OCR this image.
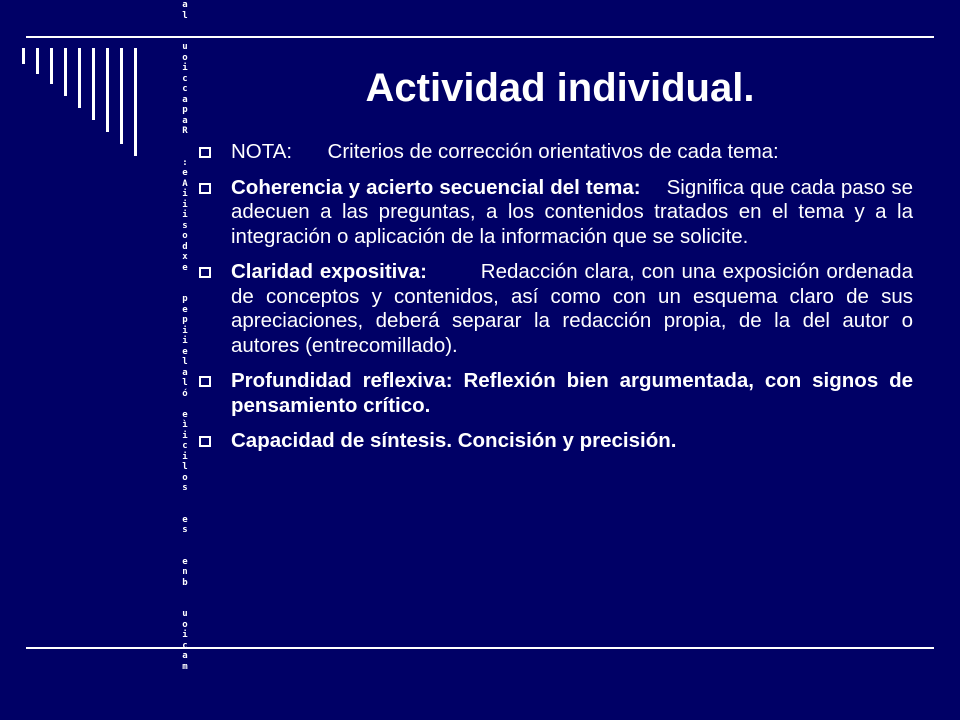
a
l

u
o
i
c
c
a
p
a
R

:
e
A
i
i
i
s
o
d
x
e

p
e
p
i
i
e
l
a
l
ó

e
ì
i
c
i
l
o
s

e
s

e
n
b

u
o
i
c
a
m
Actividad individual.
NOTA: Criterios de corrección orientativos de cada tema:
Coherencia y acierto secuencial del tema: Significa que cada paso se adecuen a las preguntas, a los contenidos tratados en el tema y a la integración o aplicación de la información que se solicite.
Claridad expositiva:	Redacción clara, con una exposición ordenada de conceptos y contenidos, así como con un esquema claro de sus apreciaciones, deberá separar la redacción propia, de la del autor o autores (entrecomillado).
Profundidad reflexiva: Reflexión bien argumentada, con signos de pensamiento crítico.
Capacidad de síntesis. Concisión y precisión.
